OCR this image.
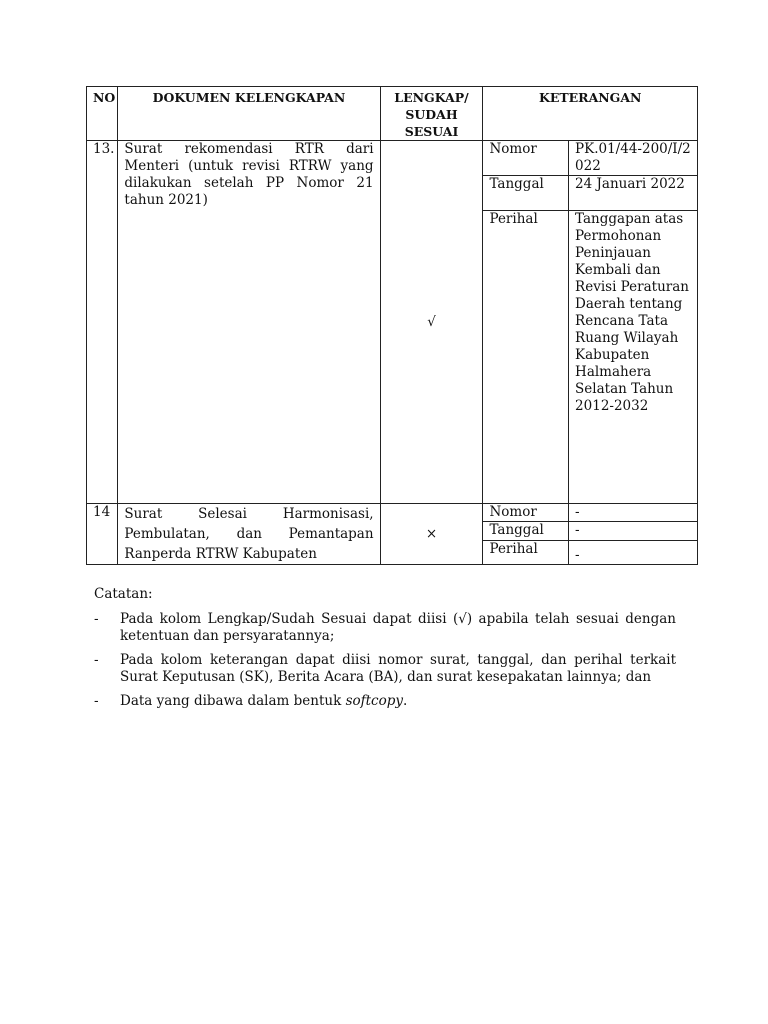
NO	DOKUMEN KELENGKAPAN	LENGKAP/ SUDAH SESUAI	KETERANGAN	
13.	Surat rekomendasi RTR dari Menteri (untuk revisi RTRW yang dilakukan setelah PP Nomor 21 tahun 2021)	√	Nomor	PK.01/44-200/I/2022
			Tanggal	24 Januari 2022
			Perihal	Tanggapan atas Permohonan Peninjauan Kembali dan Revisi Peraturan Daerah tentang Rencana Tata Ruang Wilayah Kabupaten Halmahera Selatan Tahun 2012-2032
14	Surat Selesai Harmonisasi,
Pembulatan, dan Pemantapan
Ranperda RTRW Kabupaten	×	Nomor	-
			Tanggal	-
			Perihal	-
Catatan:
-	Pada kolom Lengkap/Sudah Sesuai dapat diisi (√) apabila telah sesuai dengan ketentuan dan persyaratannya;
-	Pada kolom keterangan dapat diisi nomor surat, tanggal, dan perihal terkait Surat Keputusan (SK), Berita Acara (BA), dan surat kesepakatan lainnya; dan
-	Data yang dibawa dalam bentuk softcopy.
